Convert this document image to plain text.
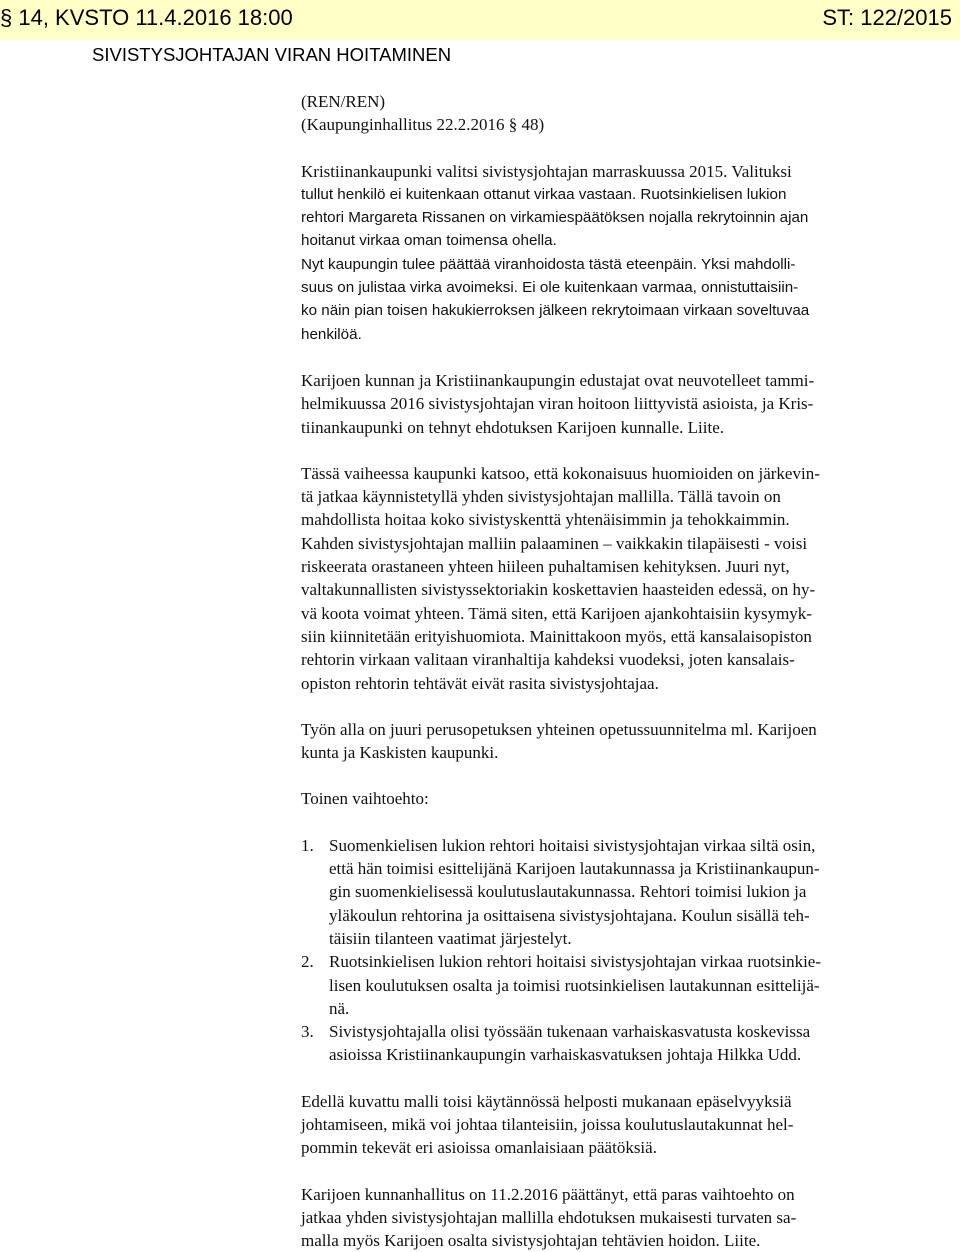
§ 14, KVSTO 11.4.2016 18:00	ST: 122/2015
SIVISTYSJOHTAJAN VIRAN HOITAMINEN
(REN/REN)
(Kaupunginhallitus 22.2.2016 § 48)
Kristiinankaupunki valitsi sivistysjohtajan marraskuussa 2015. Valituksi
tullut henkilö ei kuitenkaan ottanut virkaa vastaan. Ruotsinkielisen lukion
rehtori Margareta Rissanen on virkamiespäätöksen nojalla rekrytoinnin ajan
hoitanut virkaa oman toimensa ohella.
Nyt kaupungin tulee päättää viranhoidosta tästä eteenpäin. Yksi mahdolli-
suus on julistaa virka avoimeksi. Ei ole kuitenkaan varmaa, onnistuttaisiin-
ko näin pian toisen hakukierroksen jälkeen rekrytoimaan virkaan soveltuvaa
henkilöä.
Karijoen kunnan ja Kristiinankaupungin edustajat ovat neuvotelleet tammi-
helmikuussa 2016 sivistysjohtajan viran hoitoon liittyvistä asioista, ja Kris-
tiinankaupunki on tehnyt ehdotuksen Karijoen kunnalle. Liite.
Tässä vaiheessa kaupunki katsoo, että kokonaisuus huomioiden on järkevin-
tä jatkaa käynnistetyllä yhden sivistysjohtajan mallilla. Tällä tavoin on
mahdollista hoitaa koko sivistyskenttä yhtenäisimmin ja tehokkaimmin.
Kahden sivistysjohtajan malliin palaaminen – vaikkakin tilapäisesti - voisi
riskeerata orastaneen yhteen hiileen puhaltamisen kehityksen. Juuri nyt,
valtakunnallisten sivistyssektoriakin koskettavien haasteiden edessä, on hy-
vä koota voimat yhteen. Tämä siten, että Karijoen ajankohtaisiin kysymyk-
siin kiinnitetään erityishuomiota. Mainittakoon myös, että kansalaisopiston
rehtorin virkaan valitaan viranhaltija kahdeksi vuodeksi, joten kansalais-
opiston rehtorin tehtävät eivät rasita sivistysjohtajaa.
Työn alla on juuri perusopetuksen yhteinen opetussuunnitelma ml. Karijoen
kunta ja Kaskisten kaupunki.
Toinen vaihtoehto:
1. Suomenkielisen lukion rehtori hoitaisi sivistysjohtajan virkaa siltä osin,
että hän toimisi esittelijänä Karijoen lautakunnassa ja Kristiinankaupun-
gin suomenkielisessä koulutuslautakunnassa. Rehtori toimisi lukion ja
yläkoulun rehtorina ja osittaisena sivistysjohtajana. Koulun sisällä teh-
täisiin tilanteen vaatimat järjestelyt.
2. Ruotsinkielisen lukion rehtori hoitaisi sivistysjohtajan virkaa ruotsinkie-
lisen koulutuksen osalta ja toimisi ruotsinkielisen lautakunnan esittelijä-
nä.
3. Sivistysjohtajalla olisi työssään tukenaan varhaiskasvatusta koskevissa
asioissa Kristiinankaupungin varhaiskasvatuksen johtaja Hilkka Udd.
Edellä kuvattu malli toisi käytännössä helposti mukanaan epäselvyyksiä
johtamiseen, mikä voi johtaa tilanteisiin, joissa koulutuslautakunnat hel-
pommin tekevät eri asioissa omanlaisiaan päätöksiä.
Karijoen kunnanhallitus on 11.2.2016 päättänyt, että paras vaihtoehto on
jatkaa yhden sivistysjohtajan mallilla ehdotuksen mukaisesti turvaten sa-
malla myös Karijoen osalta sivistysjohtajan tehtävien hoidon. Liite.
